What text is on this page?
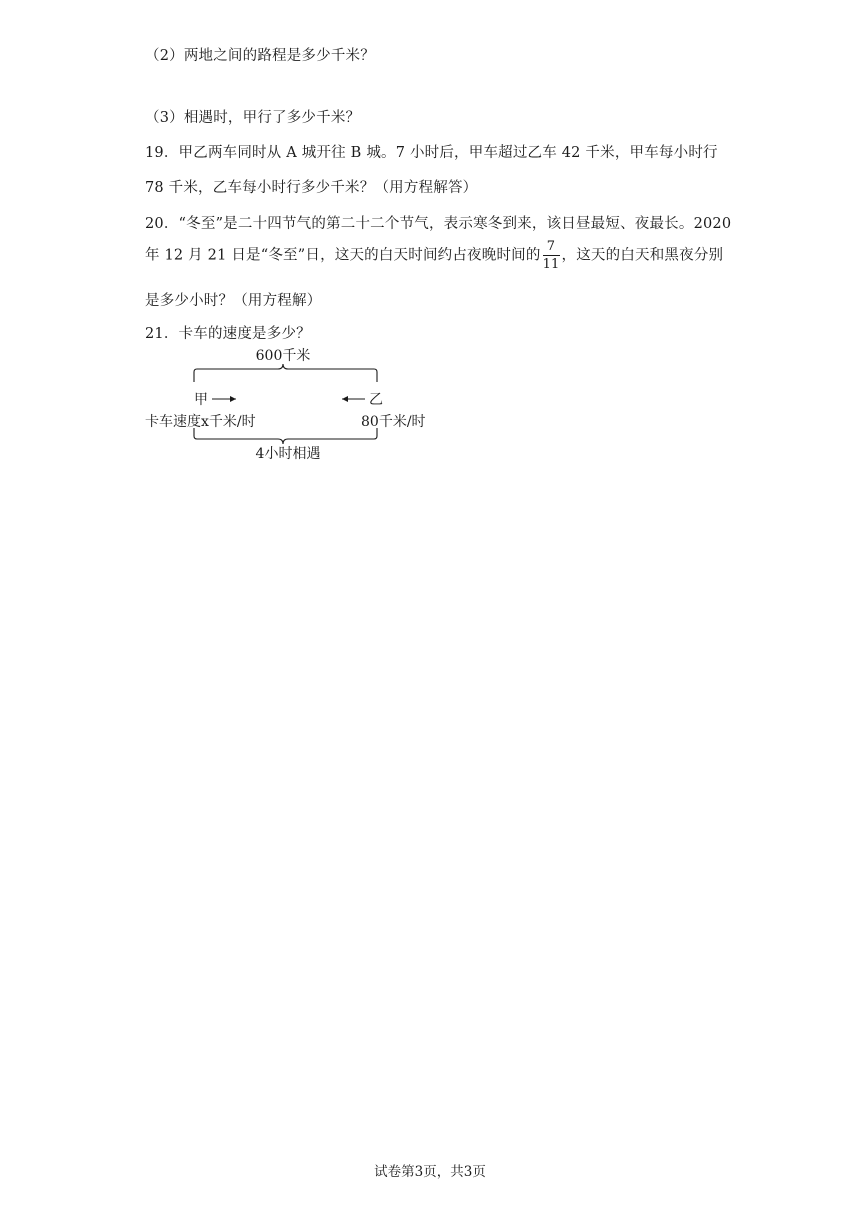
（2）两地之间的路程是多少千米？
（3）相遇时，甲行了多少千米？
19．甲乙两车同时从 A 城开往 B 城。7 小时后，甲车超过乙车 42 千米，甲车每小时行
78 千米，乙车每小时行多少千米？（用方程解答）
20．“冬至”是二十四节气的第二十二个节气，表示寒冬到来，该日昼最短、夜最长。2020
年 12 月 21 日是“冬至”日，这天的白天时间约占夜晚时间的 $\frac{7}{11}$ ，这天的白天和黑夜分别
是多少小时？（用方程解）
21．卡车的速度是多少？
600千米
甲	乙
卡车速度x千米/时	80千米/时
4小时相遇
试卷第3页，共3页
